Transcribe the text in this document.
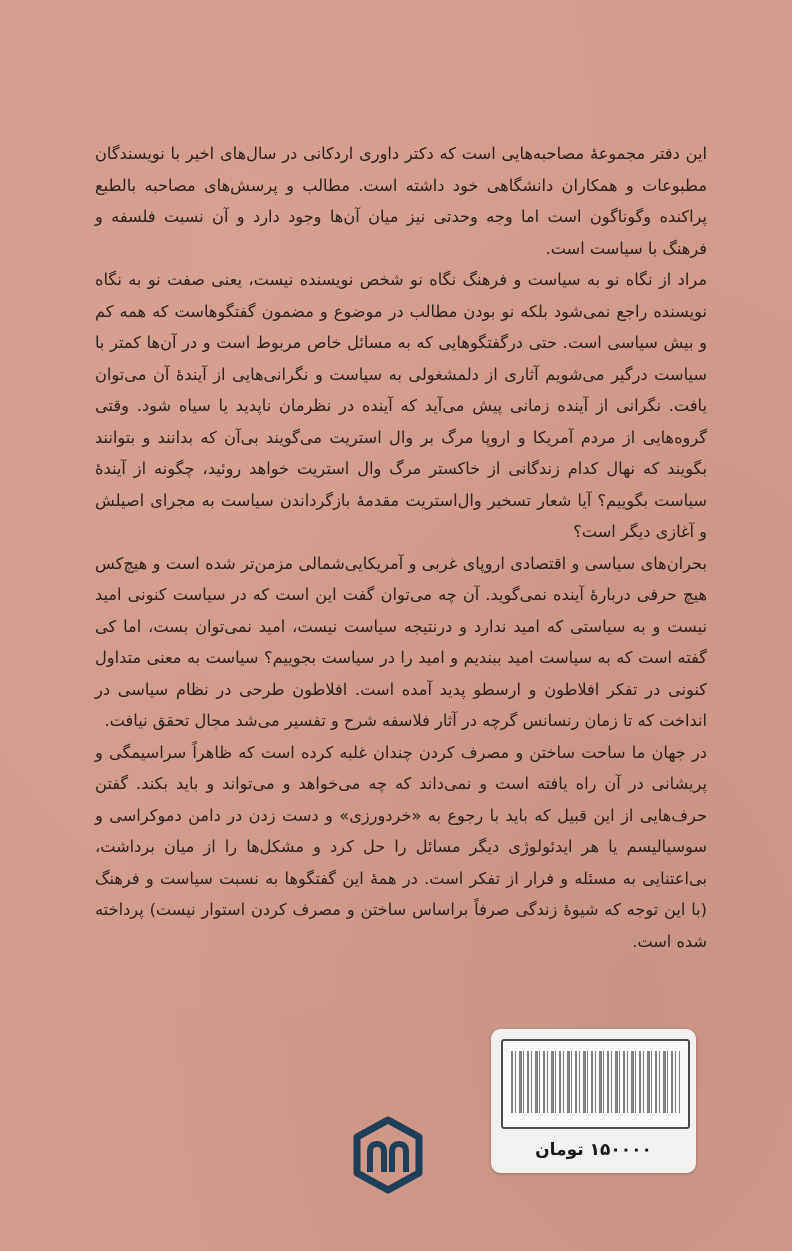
این دفتر مجموعهٔ مصاحبه‌هایی است که دکتر داوری اردکانی در سال‌های اخیر با نویسندگان مطبوعات و همکاران دانشگاهی خود داشته است. مطالب و پرسش‌های مصاحبه بالطبع پراکنده وگوناگون است اما وجه وحدتی نیز میان آن‌ها وجود دارد و آن نسبت فلسفه و فرهنگ با سیاست است.

مراد از نگاه نو به سیاست و فرهنگ نگاه نو شخص نویسنده نیست، یعنی صفت نو به نگاه نویسنده راجع نمی‌شود بلکه نو بودن مطالب در موضوع و مضمون گفتگوهاست که همه کم و بیش سیاسی است. حتی درگفتگوهایی که به مسائل خاص مربوط است و در آن‌ها کمتر با سیاست درگیر می‌شویم آثاری از دلمشغولی به سیاست و نگرانی‌هایی از آیندهٔ آن می‌توان یافت. نگرانی از آینده زمانی پیش می‌آید که آینده در نظرمان ناپدید یا سیاه شود. وقتی گروه‌هایی از مردم آمریکا و اروپا مرگ بر وال استریت می‌گویند بی‌آن که بدانند و بتوانند بگویند که نهال کدام زندگانی از خاکستر مرگ وال استریت خواهد روئید، چگونه از آیندهٔ سیاست بگوییم؟ آیا شعار تسخیر وال‌استریت مقدمهٔ بازگرداندن سیاست به مجرای اصیلش و آغازی دیگر است؟

بحران‌های سیاسی و اقتصادی اروپای غربی و آمریکایی‌شمالی مزمن‌تر شده است و هیچ‌کس هیچ حرفی دربارهٔ آینده نمی‌گوید. آن چه می‌توان گفت این است که در سیاست کنونی امید نیست و به سیاستی که امید ندارد و درنتیجه سیاست نیست، امید نمی‌توان بست، اما کی گفته است که به سیاست امید ببندیم و امید را در سیاست بجوییم؟ سیاست به معنی متداول کنونی در تفکر افلاطون و ارسطو پدید آمده است. افلاطون طرحی در نظام سیاسی در انداخت که تا زمان رنسانس گرچه در آثار فلاسفه شرح و تفسیر می‌شد مجال تحقق نیافت.

در جهان ما ساحت ساختن و مصرف کردن چندان غلبه کرده است که ظاهراً سراسیمگی و پریشانی در آن راه یافته است و نمی‌داند که چه می‌خواهد و می‌تواند و باید بکند. گفتن حرف‌هایی از این قبیل که باید با رجوع به «خردورزی» و دست زدن در دامن دموکراسی و سوسیالیسم یا هر ایدئولوژی دیگر مسائل را حل کرد و مشکل‌ها را از میان برداشت، بی‌اعتنایی به مسئله و فرار از تفکر است. در همهٔ این گفتگوها به نسبت سیاست و فرهنگ (با این توجه که شیوهٔ زندگی صرفاً براساس ساختن و مصرف کردن استوار نیست) پرداخته شده است.

۱۵۰۰۰۰ تومان
